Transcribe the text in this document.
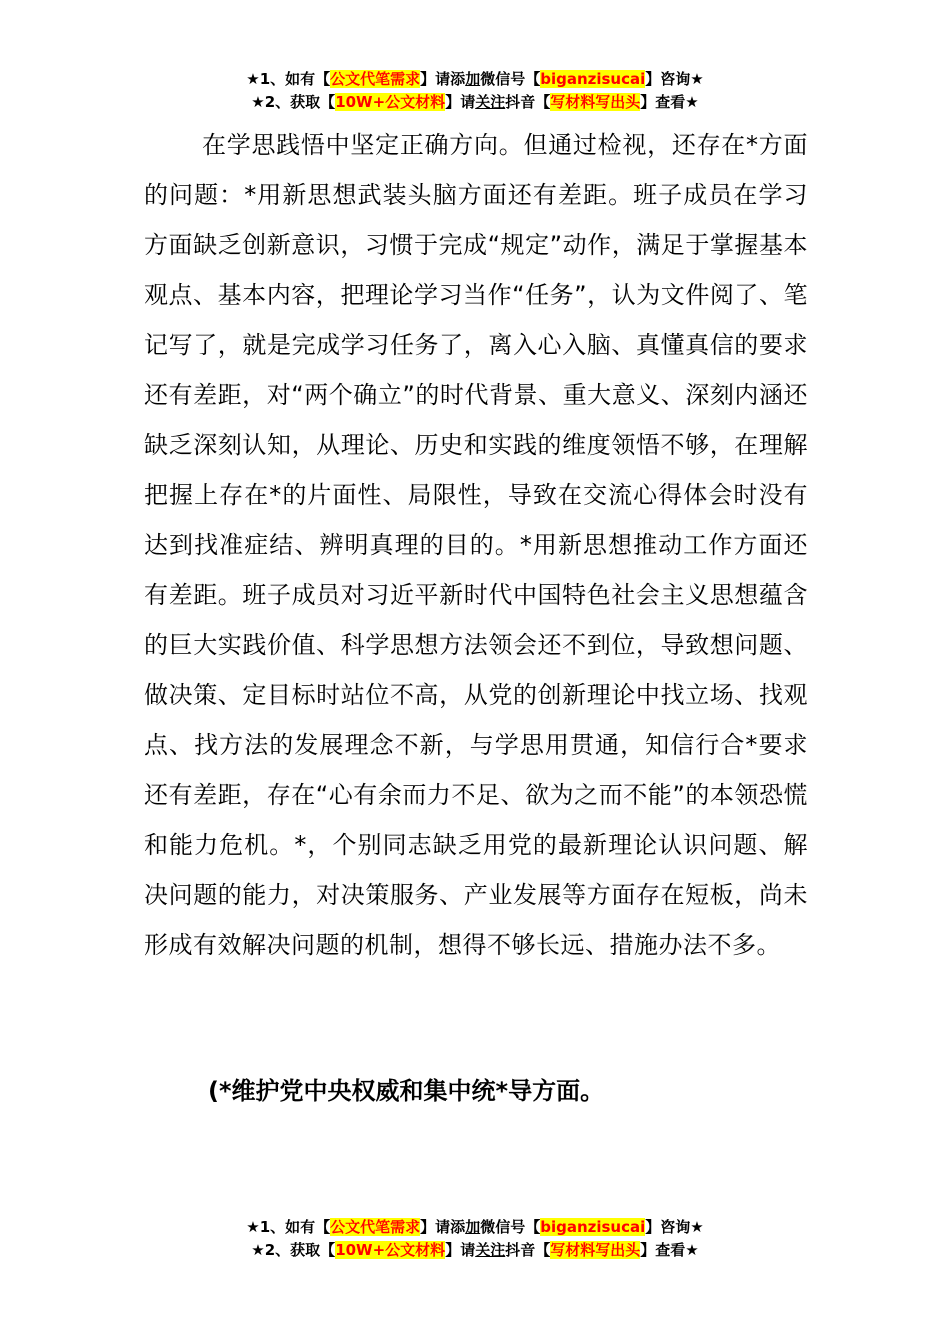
★1、如有【公文代笔需求】请添加微信号【biganzisucai】咨询★
★2、获取【10W+公文材料】请关注抖音【写材料写出头】查看★

在学思践悟中坚定正确方向。但通过检视，还存在*方面的问题：*用新思想武装头脑方面还有差距。班子成员在学习方面缺乏创新意识，习惯于完成“规定”动作，满足于掌握基本观点、基本内容，把理论学习当作“任务”，认为文件阅了、笔记写了，就是完成学习任务了，离入心入脑、真懂真信的要求还有差距，对“两个确立”的时代背景、重大意义、深刻内涵还缺乏深刻认知，从理论、历史和实践的维度领悟不够，在理解把握上存在*的片面性、局限性，导致在交流心得体会时没有达到找准症结、辨明真理的目的。*用新思想推动工作方面还有差距。班子成员对习近平新时代中国特色社会主义思想蕴含的巨大实践价值、科学思想方法领会还不到位，导致想问题、做决策、定目标时站位不高，从党的创新理论中找立场、找观点、找方法的发展理念不新，与学思用贯通，知信行合*要求还有差距，存在“心有余而力不足、欲为之而不能”的本领恐慌和能力危机。*，个别同志缺乏用党的最新理论认识问题、解决问题的能力，对决策服务、产业发展等方面存在短板，尚未形成有效解决问题的机制，想得不够长远、措施办法不多。

(*维护党中央权威和集中统*导方面。
★1、如有【公文代笔需求】请添加微信号【biganzisucai】咨询★
★2、获取【10W+公文材料】请关注抖音【写材料写出头】查看★
